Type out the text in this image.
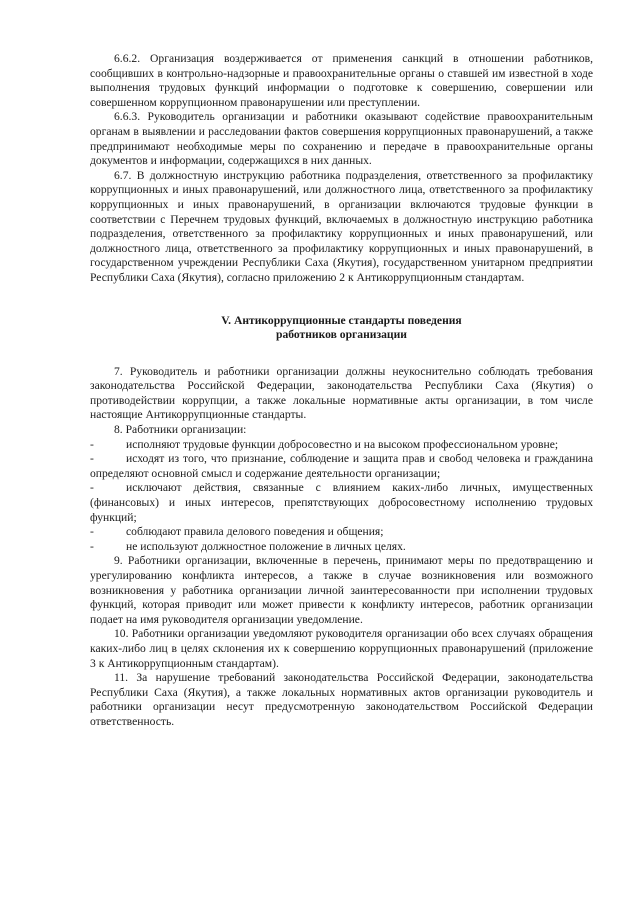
6.6.2. Организация воздерживается от применения санкций в отношении работников, сообщивших в контрольно-надзорные и правоохранительные органы о ставшей им известной в ходе выполнения трудовых функций информации о подготовке к совершению, совершении или совершенном коррупционном правонарушении или преступлении.

6.6.3. Руководитель организации и работники оказывают содействие правоохранительным органам в выявлении и расследовании фактов совершения коррупционных правонарушений, а также предпринимают необходимые меры по сохранению и передаче в правоохранительные органы документов и информации, содержащихся в них данных.

6.7. В должностную инструкцию работника подразделения, ответственного за профилактику коррупционных и иных правонарушений, или должностного лица, ответственного за профилактику коррупционных и иных правонарушений, в организации включаются трудовые функции в соответствии с Перечнем трудовых функций, включаемых в должностную инструкцию работника подразделения, ответственного за профилактику коррупционных и иных правонарушений, или должностного лица, ответственного за профилактику коррупционных и иных правонарушений, в государственном учреждении Республики Саха (Якутия), государственном унитарном предприятии Республики Саха (Якутия), согласно приложению 2 к Антикоррупционным стандартам.

V. Антикоррупционные стандарты поведения
работников организации

7. Руководитель и работники организации должны неукоснительно соблюдать требования законодательства Российской Федерации, законодательства Республики Саха (Якутия) о противодействии коррупции, а также локальные нормативные акты организации, в том числе настоящие Антикоррупционные стандарты.

8. Работники организации:

-	исполняют трудовые функции добросовестно и на высоком профессиональном уровне;

-	исходят из того, что признание, соблюдение и защита прав и свобод человека и гражданина определяют основной смысл и содержание деятельности организации;

-	исключают действия, связанные с влиянием каких-либо личных, имущественных (финансовых) и иных интересов, препятствующих добросовестному исполнению трудовых функций;

-	соблюдают правила делового поведения и общения;

-	не используют должностное положение в личных целях.

9. Работники организации, включенные в перечень, принимают меры по предотвращению и урегулированию конфликта интересов, а также в случае возникновения или возможного возникновения у работника организации личной заинтересованности при исполнении трудовых функций, которая приводит или может привести к конфликту интересов, работник организации подает на имя руководителя организации уведомление.

10. Работники организации уведомляют руководителя организации обо всех случаях обращения каких-либо лиц в целях склонения их к совершению коррупционных правонарушений (приложение 3 к Антикоррупционным стандартам).

11. За нарушение требований законодательства Российской Федерации, законодательства Республики Саха (Якутия), а также локальных нормативных актов организации руководитель и работники организации несут предусмотренную законодательством Российской Федерации ответственность.
